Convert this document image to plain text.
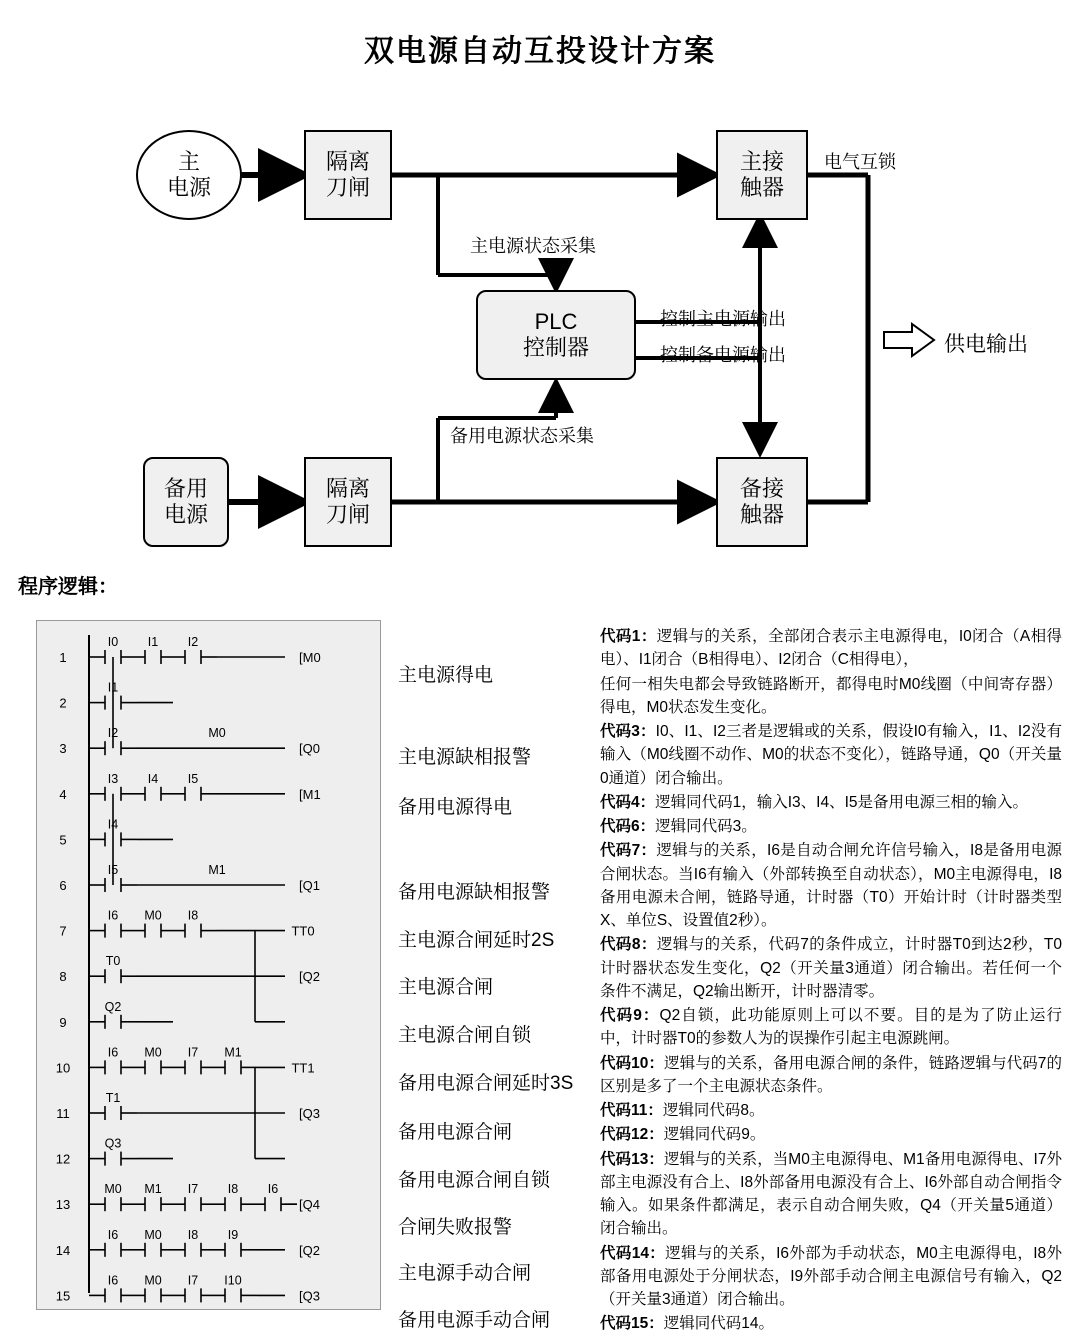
双电源自动互投设计方案
主
电源
隔离
刀闸
主接
触器
PLC
控制器
备用
电源
隔离
刀闸
备接
触器
主电源状态采集
备用电源状态采集
控制主电源输出
控制备电源输出
电气互锁
供电输出
程序逻辑：
1
I0 I1 I2
[M0
2
I1
3
I2
[Q0
M0
4
I3 I4 I5
[M1
5
I4
6
I5
[Q1
M1
7
I6 M0 I8
TT0
8
T0
[Q2
9
Q2
10
I6 M0 I7 M1
TT1
11
T1
[Q3
12
Q3
13
M0 M1 I7 I8 I6
[Q4
14
I6 M0 I8 I9
[Q2
15
I6 M0 I7 I10
[Q3
主电源得电
主电源缺相报警
备用电源得电
备用电源缺相报警
主电源合闸延时2S
主电源合闸
主电源合闸自锁
备用电源合闸延时3S
备用电源合闸
备用电源合闸自锁
合闸失败报警
主电源手动合闸
备用电源手动合闸

代码1：逻辑与的关系，全部闭合表示主电源得电，I0闭合（A相得电）、I1闭合（B相得电）、I2闭合（C相得电），

任何一相失电都会导致链路断开，都得电时M0线圈（中间寄存器）得电，M0状态发生变化。

代码3：I0、I1、I2三者是逻辑或的关系，假设I0有输入，I1、I2没有输入（M0线圈不动作、M0的状态不变化），链路导通，Q0（开关量0通道）闭合输出。

代码4：逻辑同代码1，输入I3、I4、I5是备用电源三相的输入。

代码6：逻辑同代码3。

代码7：逻辑与的关系，I6是自动合闸允许信号输入，I8是备用电源合闸状态。当I6有输入（外部转换至自动状态），M0主电源得电，I8备用电源未合闸，链路导通，计时器（T0）开始计时（计时器类型X、单位S、设置值2秒）。

代码8：逻辑与的关系，代码7的条件成立，计时器T0到达2秒，T0计时器状态发生变化，Q2（开关量3通道）闭合输出。若任何一个条件不满足，Q2输出断开，计时器清零。

代码9：Q2自锁，此功能原则上可以不要。目的是为了防止运行中，计时器T0的参数人为的误操作引起主电源跳闸。

代码10：逻辑与的关系，备用电源合闸的条件，链路逻辑与代码7的区别是多了一个主电源状态条件。

代码11：逻辑同代码8。

代码12：逻辑同代码9。

代码13：逻辑与的关系，当M0主电源得电、M1备用电源得电、I7外部主电源没有合上、I8外部备用电源没有合上、I6外部自动合闸指令输入。如果条件都满足，表示自动合闸失败，Q4（开关量5通道）闭合输出。

代码14：逻辑与的关系，I6外部为手动状态，M0主电源得电，I8外部备用电源处于分闸状态，I9外部手动合闸主电源信号有输入，Q2（开关量3通道）闭合输出。

代码15：逻辑同代码14。
